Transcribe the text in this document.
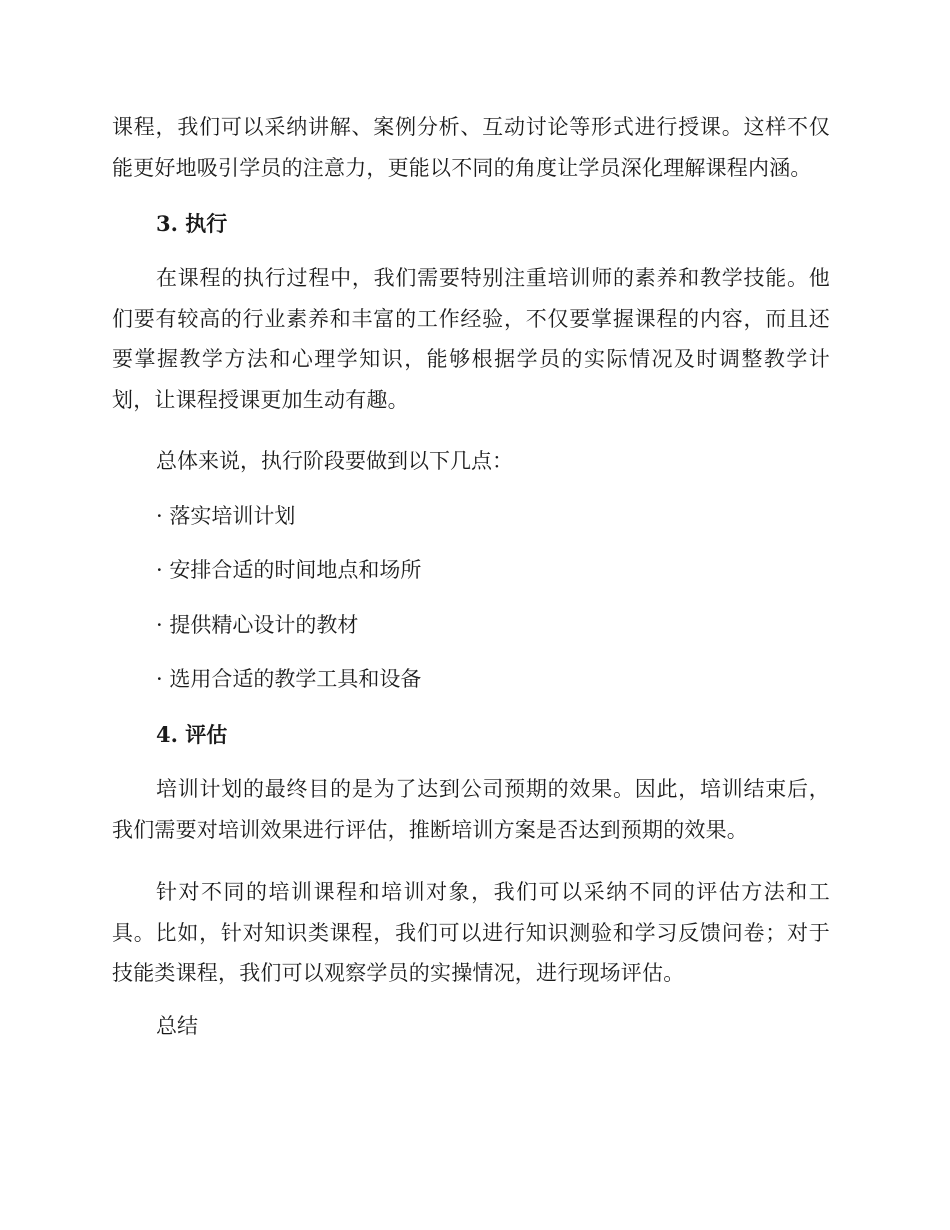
课程，我们可以采纳讲解、案例分析、互动讨论等形式进行授课。这样不仅能更好地吸引学员的注意力，更能以不同的角度让学员深化理解课程内涵。

3. 执行

在课程的执行过程中，我们需要特别注重培训师的素养和教学技能。他们要有较高的行业素养和丰富的工作经验，不仅要掌握课程的内容，而且还要掌握教学方法和心理学知识，能够根据学员的实际情况及时调整教学计划，让课程授课更加生动有趣。

总体来说，执行阶段要做到以下几点：

· 落实培训计划

· 安排合适的时间地点和场所

· 提供精心设计的教材

· 选用合适的教学工具和设备

4. 评估

培训计划的最终目的是为了达到公司预期的效果。因此，培训结束后，我们需要对培训效果进行评估，推断培训方案是否达到预期的效果。

针对不同的培训课程和培训对象，我们可以采纳不同的评估方法和工具。比如，针对知识类课程，我们可以进行知识测验和学习反馈问卷；对于技能类课程，我们可以观察学员的实操情况，进行现场评估。

总结
